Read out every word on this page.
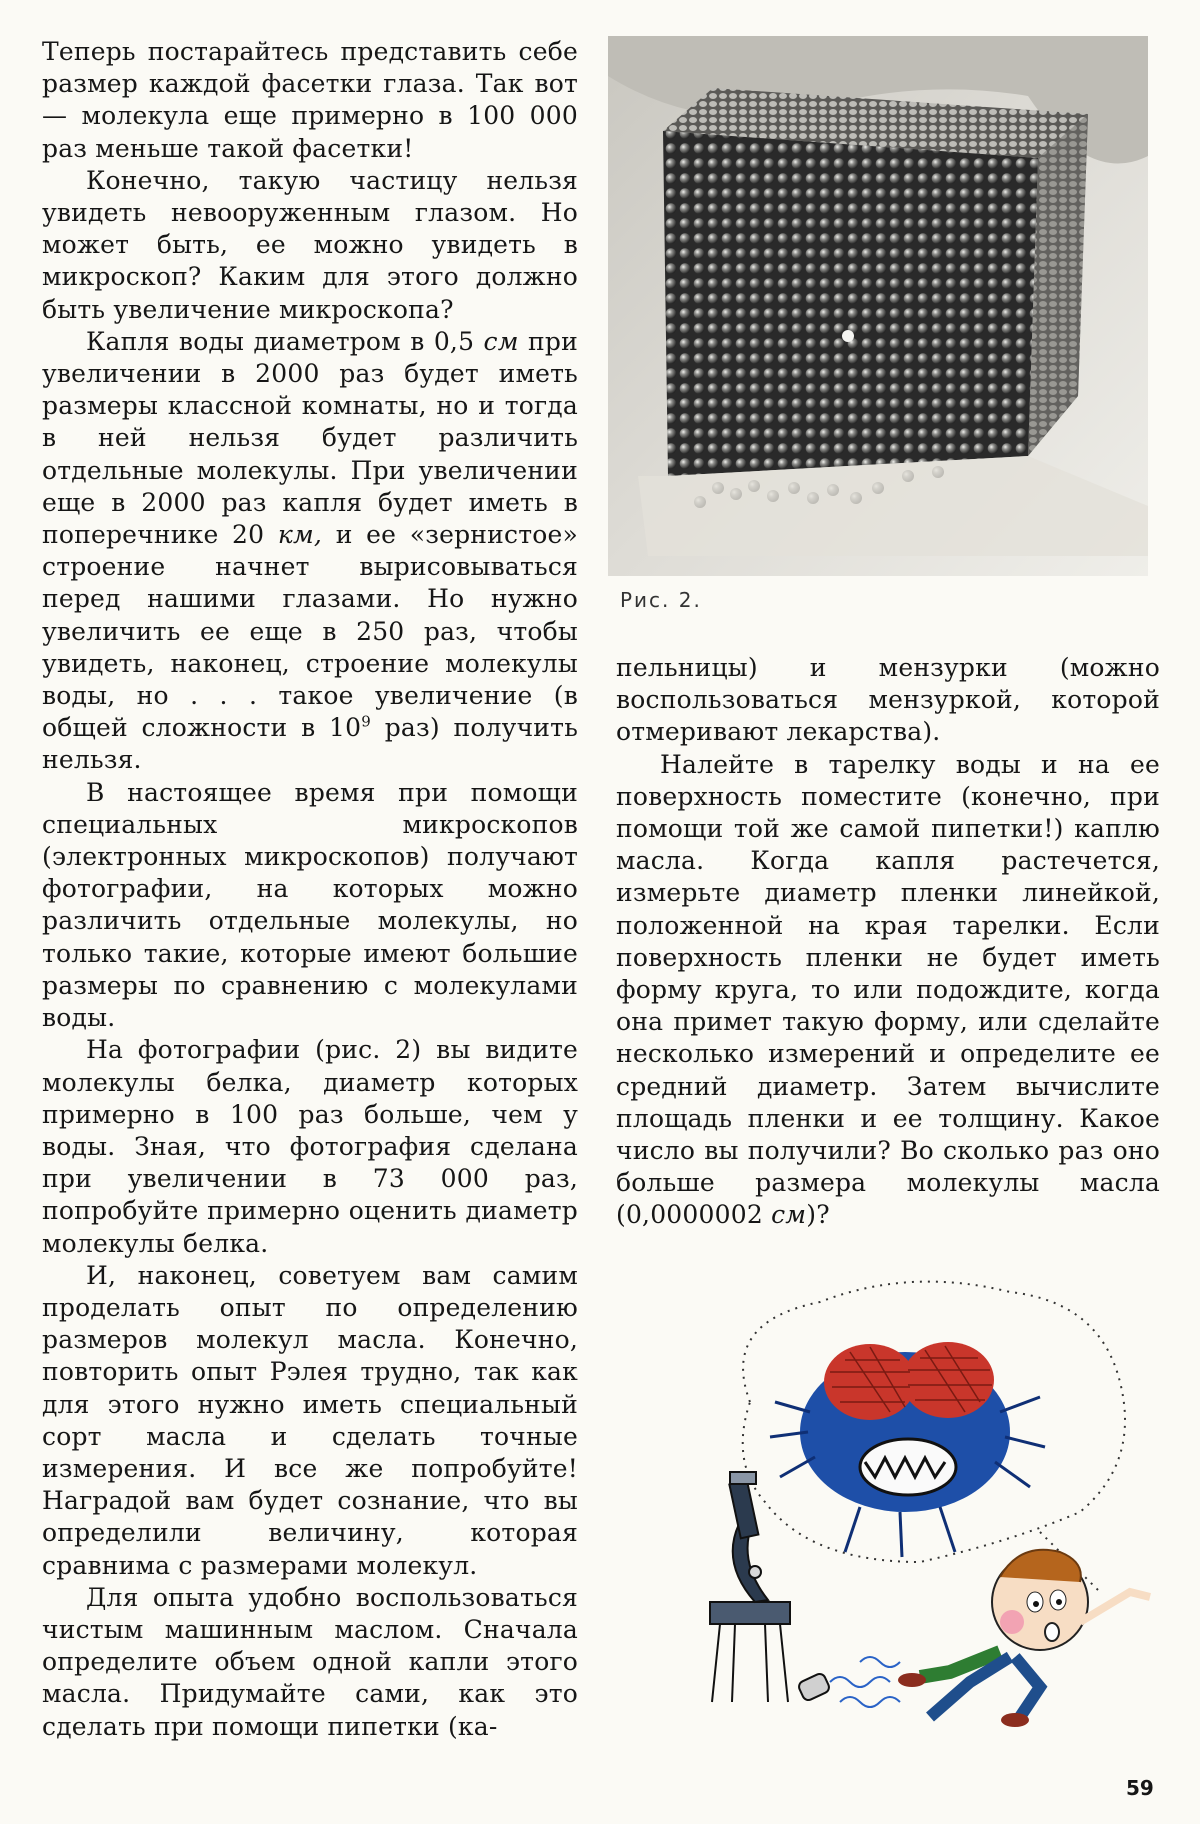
Теперь постарайтесь представить себе размер каждой фасетки глаза. Так вот — молекула еще примерно в 100 000 раз меньше такой фасетки!

Конечно, такую частицу нельзя увидеть невооруженным глазом. Но может быть, ее можно увидеть в микроскоп? Каким для этого должно быть увеличение микроскопа?

Капля воды диаметром в 0,5 см при увеличении в 2000 раз будет иметь размеры классной комнаты, но и тогда в ней нельзя будет различить отдельные молекулы. При увеличении еще в 2000 раз капля будет иметь в поперечнике 20 км, и ее «зернистое» строение начнет вырисовываться перед нашими глазами. Но нужно увеличить ее еще в 250 раз, чтобы увидеть, наконец, строение молекулы воды, но . . . такое увеличение (в общей сложности в $10^9$ раз) получить нельзя.

В настоящее время при помощи специальных микроскопов (электронных микроскопов) получают фотографии, на которых можно различить отдельные молекулы, но только такие, которые имеют большие размеры по сравнению с молекулами воды.

На фотографии (рис. 2) вы видите молекулы белка, диаметр которых примерно в 100 раз больше, чем у воды. Зная, что фотография сделана при увеличении в 73 000 раз, попробуйте примерно оценить диаметр молекулы белка.

И, наконец, советуем вам самим проделать опыт по определению размеров молекул масла. Конечно, повторить опыт Рэлея трудно, так как для этого нужно иметь специальный сорт масла и сделать точные измерения. И все же попробуйте! Наградой вам будет сознание, что вы определили величину, которая сравнима с размерами молекул.

Для опыта удобно воспользоваться чистым машинным маслом. Сначала определите объем одной капли этого масла. Придумайте сами, как это сделать при помощи пипетки (ка-

Рис. 2.

пельницы) и мензурки (можно воспользоваться мензуркой, которой отмеривают лекарства).

Налейте в тарелку воды и на ее поверхность поместите (конечно, при помощи той же самой пипетки!) каплю масла. Когда капля растечется, измерьте диаметр пленки линейкой, положенной на края тарелки. Если поверхность пленки не будет иметь форму круга, то или подождите, когда она примет такую форму, или сделайте несколько измерений и определите ее средний диаметр. Затем вычислите площадь пленки и ее толщину. Какое число вы получили? Во сколько раз оно больше размера молекулы масла (0,0000002 см)?

59
